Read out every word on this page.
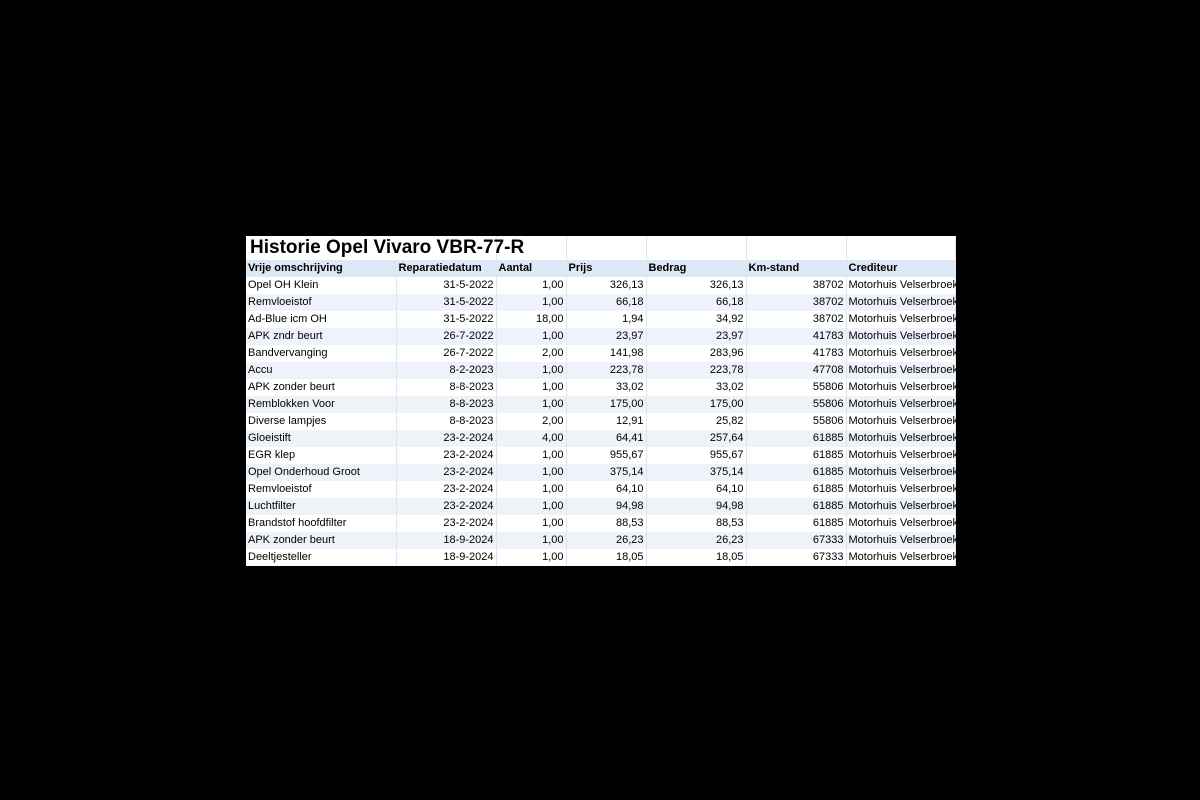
Historie Opel Vivaro VBR-77-R						
Vrije omschrijving	Reparatiedatum	Aantal	Prijs	Bedrag	Km-stand	Crediteur
Opel OH Klein	31-5-2022	1,00	326,13	326,13	38702	Motorhuis Velserbroek
Remvloeistof	31-5-2022	1,00	66,18	66,18	38702	Motorhuis Velserbroek
Ad-Blue icm OH	31-5-2022	18,00	1,94	34,92	38702	Motorhuis Velserbroek
APK zndr beurt	26-7-2022	1,00	23,97	23,97	41783	Motorhuis Velserbroek
Bandvervanging	26-7-2022	2,00	141,98	283,96	41783	Motorhuis Velserbroek
Accu	8-2-2023	1,00	223,78	223,78	47708	Motorhuis Velserbroek
APK zonder beurt	8-8-2023	1,00	33,02	33,02	55806	Motorhuis Velserbroek
Remblokken Voor	8-8-2023	1,00	175,00	175,00	55806	Motorhuis Velserbroek
Diverse lampjes	8-8-2023	2,00	12,91	25,82	55806	Motorhuis Velserbroek
Gloeistift	23-2-2024	4,00	64,41	257,64	61885	Motorhuis Velserbroek
EGR klep	23-2-2024	1,00	955,67	955,67	61885	Motorhuis Velserbroek
Opel Onderhoud Groot	23-2-2024	1,00	375,14	375,14	61885	Motorhuis Velserbroek
Remvloeistof	23-2-2024	1,00	64,10	64,10	61885	Motorhuis Velserbroek
Luchtfilter	23-2-2024	1,00	94,98	94,98	61885	Motorhuis Velserbroek
Brandstof hoofdfilter	23-2-2024	1,00	88,53	88,53	61885	Motorhuis Velserbroek
APK zonder beurt	18-9-2024	1,00	26,23	26,23	67333	Motorhuis Velserbroek
Deeltjesteller	18-9-2024	1,00	18,05	18,05	67333	Motorhuis Velserbroek
